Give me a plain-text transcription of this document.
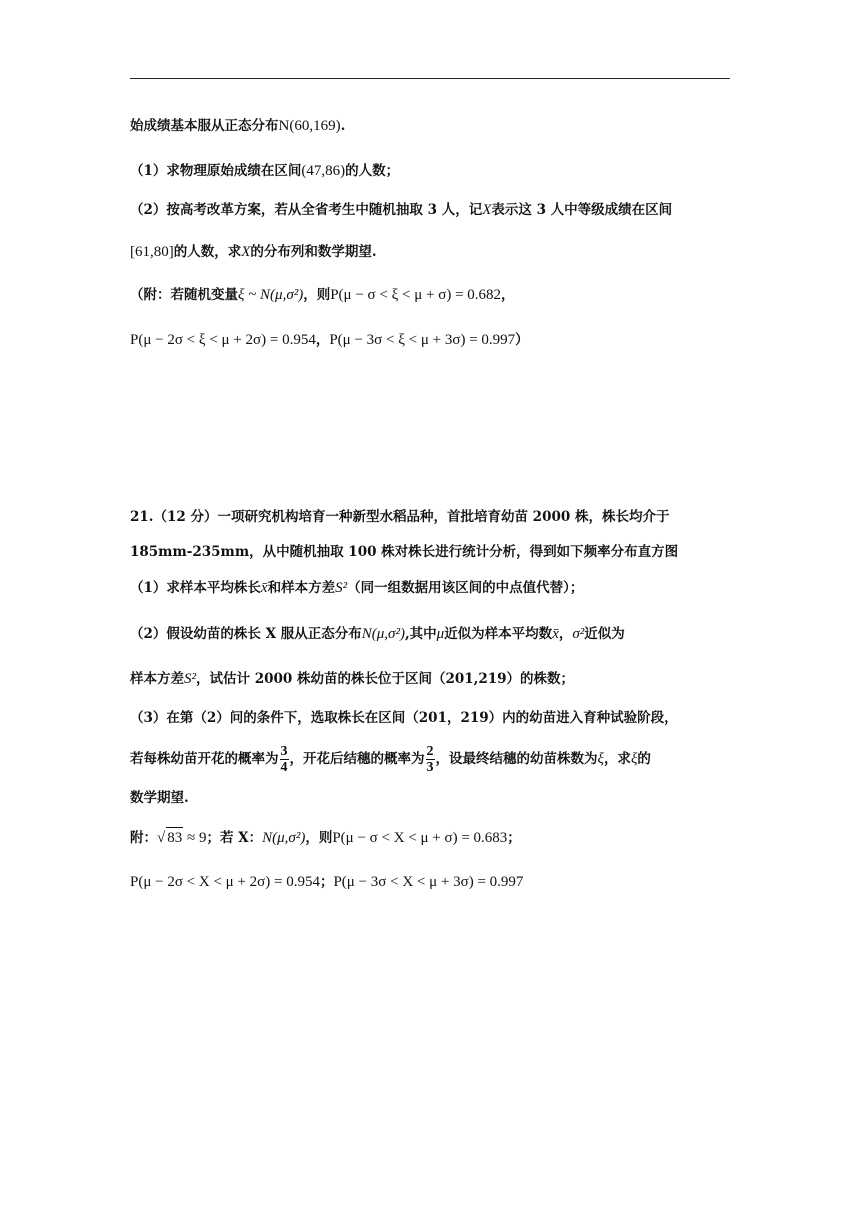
始成绩基本服从正态分布N(60,169).
（1）求物理原始成绩在区间(47,86)的人数；
（2）按高考改革方案，若从全省考生中随机抽取 3 人，记X表示这 3 人中等级成绩在区间
[61,80]的人数，求X的分布列和数学期望.
（附：若随机变量ξ ~ N(μ,σ²)，则P(μ − σ < ξ < μ + σ) = 0.682，
P(μ − 2σ < ξ < μ + 2σ) = 0.954，P(μ − 3σ < ξ < μ + 3σ) = 0.997）
21.（12 分）一项研究机构培育一种新型水稻品种，首批培育幼苗 2000 株，株长均介于
185mm-235mm，从中随机抽取 100 株对株长进行统计分析，得到如下频率分布直方图
（1）求样本平均株长x̄和样本方差S²（同一组数据用该区间的中点值代替）；
（2）假设幼苗的株长 X 服从正态分布N(μ,σ²),其中μ近似为样本平均数x̄，σ²近似为
样本方差S²，试估计 2000 株幼苗的株长位于区间（201,219）的株数；
（3）在第（2）问的条件下，选取株长在区间（201，219）内的幼苗进入育种试验阶段，
若每株幼苗开花的概率为 $\frac{3}{4}$ ，开花后结穗的概率为 $\frac{2}{3}$ ，设最终结穗的幼苗株数为ξ，求ξ的
数学期望.
附：√ 83 ≈ 9；若 X：N(μ,σ²)，则P(μ − σ < X < μ + σ) = 0.683；
P(μ − 2σ < X < μ + 2σ) = 0.954；P(μ − 3σ < X < μ + 3σ) = 0.997
